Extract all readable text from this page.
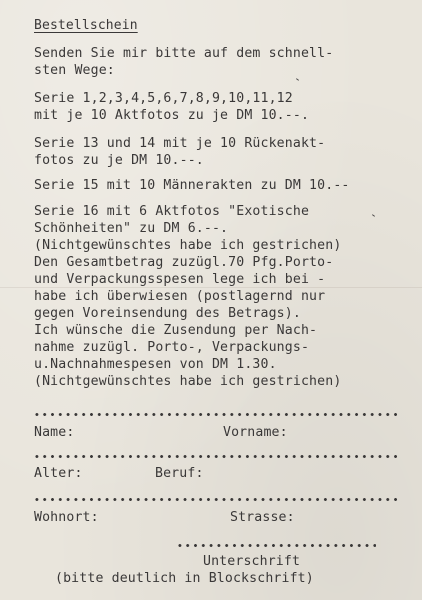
Bestellschein
Senden Sie mir bitte auf dem schnell-
sten Wege:
Serie 1,2,3,4,5,6,7,8,9,10,11,12
mit je 10 Aktfotos zu je DM 10.--.
Serie 13 und 14 mit je 10 Rückenakt-
fotos zu je DM 10.--.
Serie 15 mit 10 Männerakten zu DM 10.--
Serie 16 mit 6 Aktfotos "Exotische
Schönheiten" zu DM 6.--.
(Nichtgewünschtes habe ich gestrichen)
Den Gesamtbetrag zuzügl.70 Pfg.Porto-
und Verpackungsspesen lege ich bei -
habe ich überwiesen (postlagernd nur
gegen Voreinsendung des Betrags).
Ich wünsche die Zusendung per Nach-
nahme zuzügl. Porto-, Verpackungs-
u.Nachnahmespesen von DM 1.30.
(Nichtgewünschtes habe ich gestrichen)
Name:	Vorname:
Alter:	Beruf:
Wohnort:	Strasse:
Unterschrift
(bitte deutlich in Blockschrift)
